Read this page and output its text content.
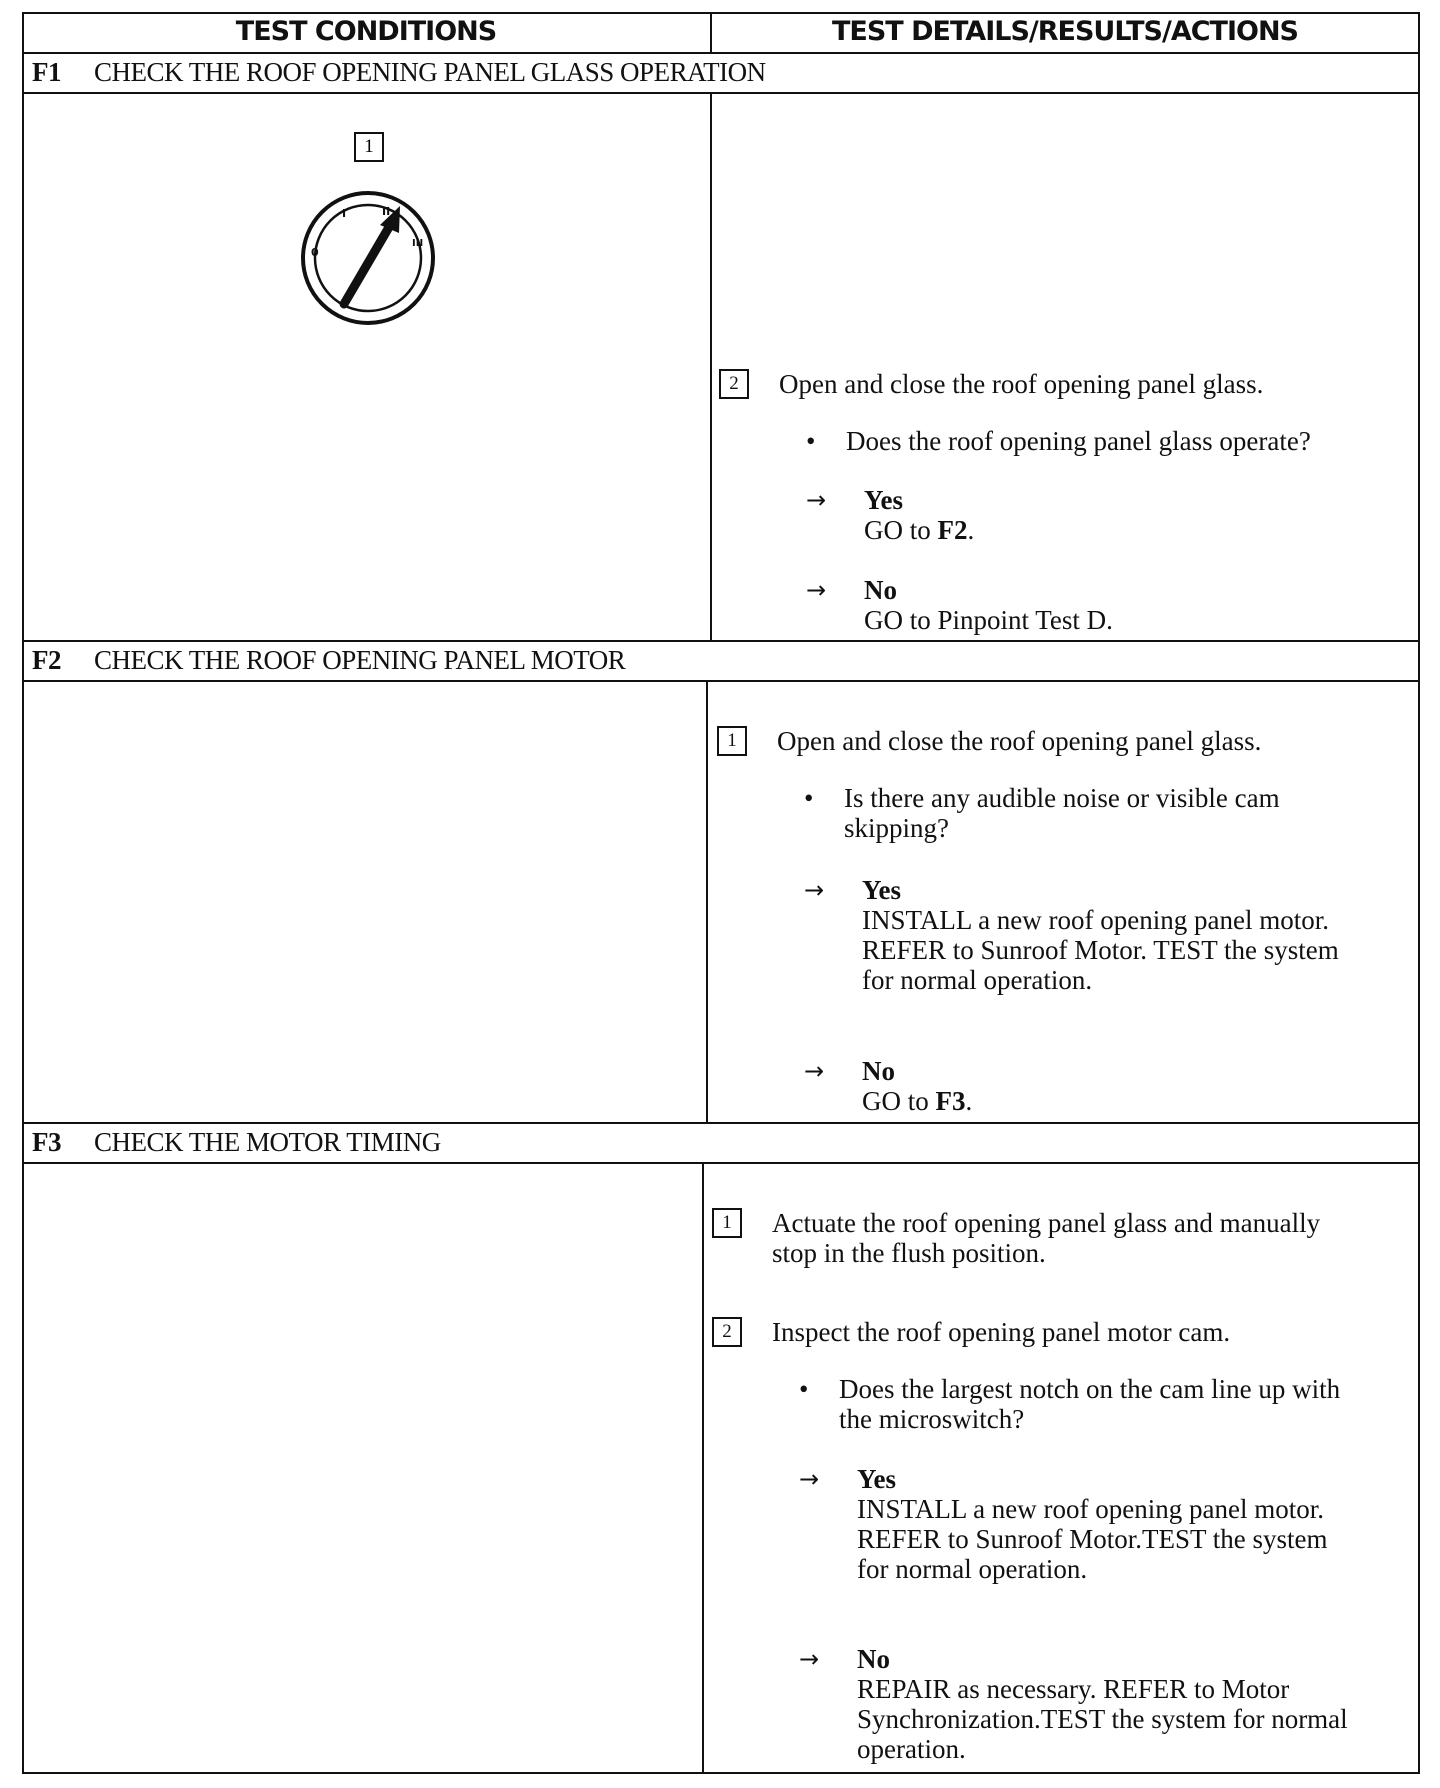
TEST CONDITIONS	TEST DETAILS/RESULTS/ACTIONS
F1 CHECK THE ROOF OPENING PANEL GLASS OPERATION
1
0
I	II
III
2	Open and close the roof opening panel glass.
• Does the roof opening panel glass operate?
→ Yes
GO to F2.
→ No
GO to Pinpoint Test D.
F2 CHECK THE ROOF OPENING PANEL MOTOR
1	Open and close the roof opening panel glass.
• Is there any audible noise or visible cam
skipping?
→ Yes
INSTALL a new roof opening panel motor.
REFER to Sunroof Motor. TEST the system
for normal operation.
→ No
GO to F3.
F3 CHECK THE MOTOR TIMING
1	Actuate the roof opening panel glass and manually
stop in the flush position.
2	Inspect the roof opening panel motor cam.
• Does the largest notch on the cam line up with
the microswitch?
→ Yes
INSTALL a new roof opening panel motor.
REFER to Sunroof Motor.TEST the system
for normal operation.
→ No
REPAIR as necessary. REFER to Motor
Synchronization.TEST the system for normal
operation.
